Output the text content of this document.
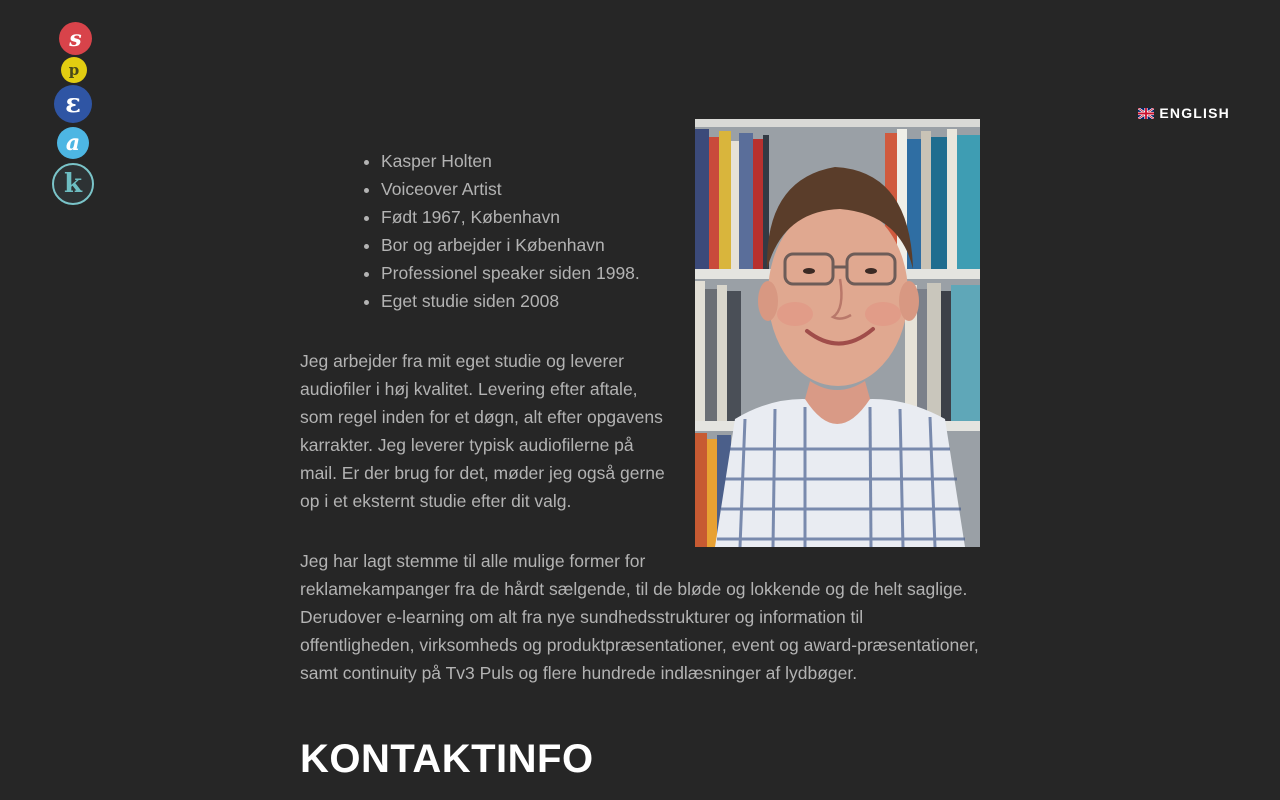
s
p
ε
a
k
ENGLISH
• Kasper Holten
• Voiceover Artist
• Født 1967, København
• Bor og arbejder i København
• Professionel speaker siden 1998.
• Eget studie siden 2008

Jeg arbejder fra mit eget studie og leverer audiofiler i høj kvalitet. Levering efter aftale, som regel inden for et døgn, alt efter opgavens karrakter. Jeg leverer typisk audiofilerne på mail. Er der brug for det, møder jeg også gerne op i et eksternt studie efter dit valg.

Jeg har lagt stemme til alle mulige former for reklamekampanger fra de hårdt sælgende, til de bløde og lokkende og de helt saglige. Derudover e-learning om alt fra nye sundhedsstrukturer og information til offentligheden, virksomheds og produktpræsentationer, event og award-præsentationer, samt continuity på Tv3 Puls og flere hundrede indlæsninger af lydbøger.

KONTAKTINFO
